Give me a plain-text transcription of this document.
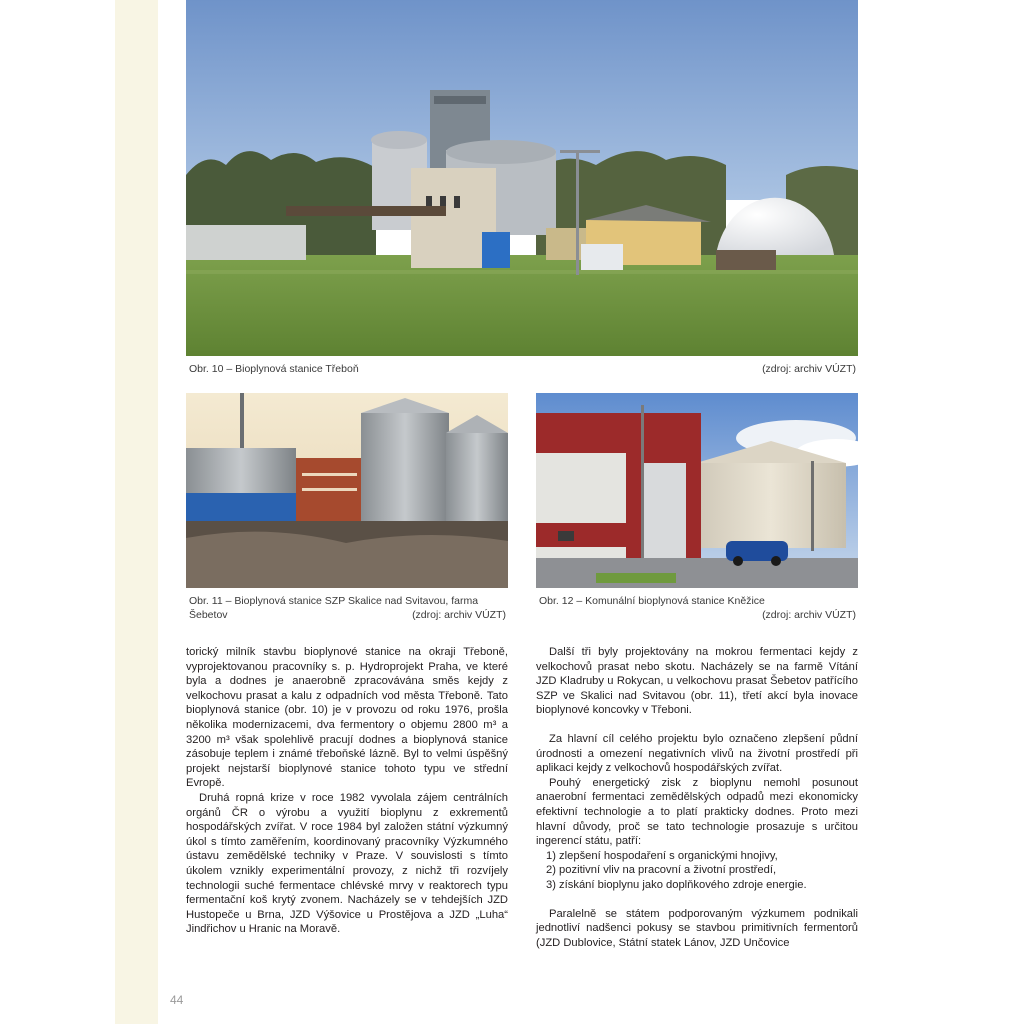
Obr. 10 – Bioplynová stanice Třeboň	(zdroj: archiv VÚZT)
Obr. 11 – Bioplynová stanice SZP Skalice nad Svitavou, farma
Šebetov	(zdroj: archiv VÚZT)
Obr. 12 – Komunální bioplynová stanice Kněžice
(zdroj: archiv VÚZT)

torický milník stavbu bioplynové stanice na okraji Třeboně, vyprojektovanou pracovníky s. p. Hydroprojekt Praha, ve které byla a dodnes je anaerobně zpracovávána směs kejdy z velkochovu prasat a kalu z odpadních vod města Třeboně. Tato bioplynová stanice (obr. 10) je v provozu od roku 1976, prošla několika modernizacemi, dva fermentory o objemu 2800 m³ a 3200 m³ však spolehlivě pracují dodnes a bioplynová stanice zásobuje teplem i známé třeboňské lázně. Byl to velmi úspěšný projekt nejstarší bioplynové stanice tohoto typu ve střední Evropě.

Druhá ropná krize v roce 1982 vyvolala zájem centrálních orgánů ČR o výrobu a využití bioplynu z exkrementů hospodářských zvířat. V roce 1984 byl založen státní výzkumný úkol s tímto zaměřením, koordinovaný pracovníky Výzkumného ústavu zemědělské techniky v Praze. V souvislosti s tímto úkolem vznikly experimentální provozy, z nichž tři rozvíjely technologii suché fermentace chlévské mrvy v reaktorech typu fermentační koš krytý zvonem. Nacházely se v tehdejších JZD Hustopeče u Brna, JZD Výšovice u Prostějova a JZD „Luha“ Jindřichov u Hranic na Moravě.

Další tři byly projektovány na mokrou fermentaci kejdy z velkochovů prasat nebo skotu. Nacházely se na farmě Vítání JZD Kladruby u Rokycan, u velkochovu prasat Šebetov patřícího SZP ve Skalici nad Svitavou (obr. 11), třetí akcí byla inovace bioplynové koncovky v Třeboni.

Za hlavní cíl celého projektu bylo označeno zlepšení půdní úrodnosti a omezení negativních vlivů na životní prostředí při aplikaci kejdy z velkochovů hospodářských zvířat.

Pouhý energetický zisk z bioplynu nemohl posunout anaerobní fermentaci zemědělských odpadů mezi ekonomicky efektivní technologie a to platí prakticky dodnes. Proto mezi hlavní důvody, proč se tato technologie prosazuje s určitou ingerencí státu, patří:

1) zlepšení hospodaření s organickými hnojivy,
2) pozitivní vliv na pracovní a životní prostředí,
3) získání bioplynu jako doplňkového zdroje energie.

Paralelně se státem podporovaným výzkumem podnikali jednotliví nadšenci pokusy se stavbou primitivních fermentorů (JZD Dublovice, Státní statek Lánov, JZD Unčovice

44
